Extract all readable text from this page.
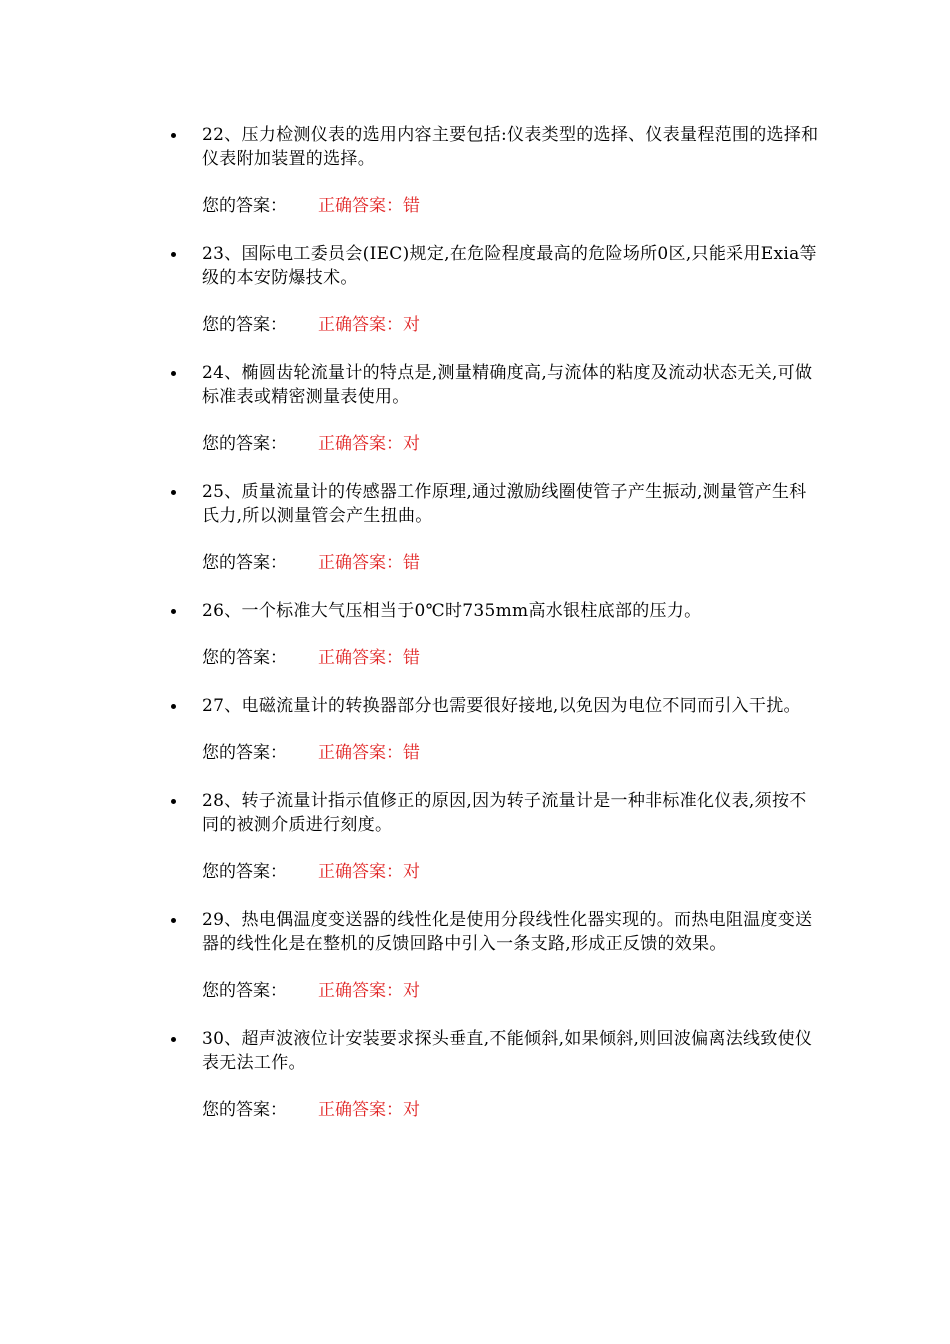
22、压力检测仪表的选用内容主要包括:仪表类型的选择、仪表量程范围的选择和仪表附加装置的选择。

您的答案： 正确答案：错

23、国际电工委员会(IEC)规定,在危险程度最高的危险场所0区,只能采用Exia等级的本安防爆技术。

您的答案： 正确答案：对

24、椭圆齿轮流量计的特点是,测量精确度高,与流体的粘度及流动状态无关,可做标准表或精密测量表使用。

您的答案： 正确答案：对

25、质量流量计的传感器工作原理,通过激励线圈使管子产生振动,测量管产生科氏力,所以测量管会产生扭曲。

您的答案： 正确答案：错

26、一个标准大气压相当于0℃时735mm高水银柱底部的压力。

您的答案： 正确答案：错

27、电磁流量计的转换器部分也需要很好接地,以免因为电位不同而引入干扰。

您的答案： 正确答案：错

28、转子流量计指示值修正的原因,因为转子流量计是一种非标准化仪表,须按不同的被测介质进行刻度。

您的答案： 正确答案：对

29、热电偶温度变送器的线性化是使用分段线性化器实现的。而热电阻温度变送器的线性化是在整机的反馈回路中引入一条支路,形成正反馈的效果。

您的答案： 正确答案：对

30、超声波液位计安装要求探头垂直,不能倾斜,如果倾斜,则回波偏离法线致使仪表无法工作。

您的答案： 正确答案：对
